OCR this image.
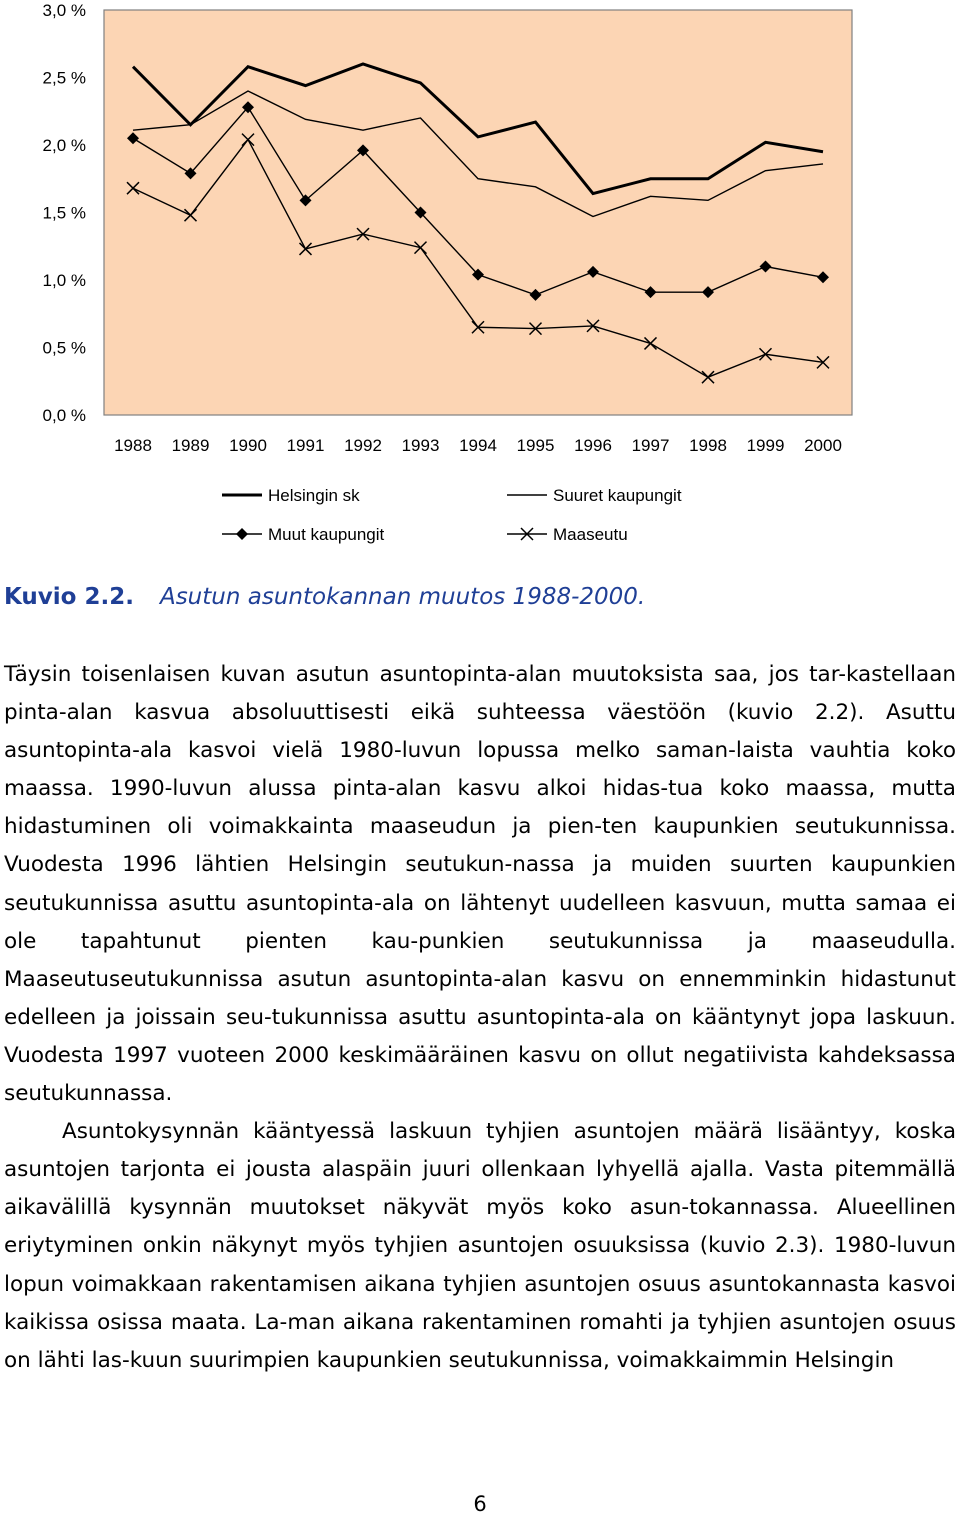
0,0 %
0,5 %
1,0 %
1,5 %
2,0 %
2,5 %
3,0 %
1988 1989 1990 1991 1992 1993 1994 1995 1996 1997 1998 1999 2000
Helsingin sk	Suuret kaupungit
Muut kaupungit	Maaseutu
Kuvio 2.2. Asutun asuntokannan muutos 1988-2000.

Täysin toisenlaisen kuvan asutun asuntopinta-alan muutoksista saa, jos tar-kastellaan pinta-alan kasvua absoluuttisesti eikä suhteessa väestöön (kuvio 2.2). Asuttu asuntopinta-ala kasvoi vielä 1980-luvun lopussa melko saman-laista vauhtia koko maassa. 1990-luvun alussa pinta-alan kasvu alkoi hidas-tua koko maassa, mutta hidastuminen oli voimakkainta maaseudun ja pien-ten kaupunkien seutukunnissa. Vuodesta 1996 lähtien Helsingin seutukun-nassa ja muiden suurten kaupunkien seutukunnissa asuttu asuntopinta-ala on lähtenyt uudelleen kasvuun, mutta samaa ei ole tapahtunut pienten kau-punkien seutukunnissa ja maaseudulla. Maaseutuseutukunnissa asutun asuntopinta-alan kasvu on ennemminkin hidastunut edelleen ja joissain seu-tukunnissa asuttu asuntopinta-ala on kääntynyt jopa laskuun. Vuodesta 1997 vuoteen 2000 keskimääräinen kasvu on ollut negatiivista kahdeksassa seutukunnassa.

Asuntokysynnän kääntyessä laskuun tyhjien asuntojen määrä lisääntyy, koska asuntojen tarjonta ei jousta alaspäin juuri ollenkaan lyhyellä ajalla. Vasta pitemmällä aikavälillä kysynnän muutokset näkyvät myös koko asun-tokannassa. Alueellinen eriytyminen onkin näkynyt myös tyhjien asuntojen osuuksissa (kuvio 2.3). 1980-luvun lopun voimakkaan rakentamisen aikana tyhjien asuntojen osuus asuntokannasta kasvoi kaikissa osissa maata. La-man aikana rakentaminen romahti ja tyhjien asuntojen osuus on lähti las-kuun suurimpien kaupunkien seutukunnissa, voimakkaimmin Helsingin

6
